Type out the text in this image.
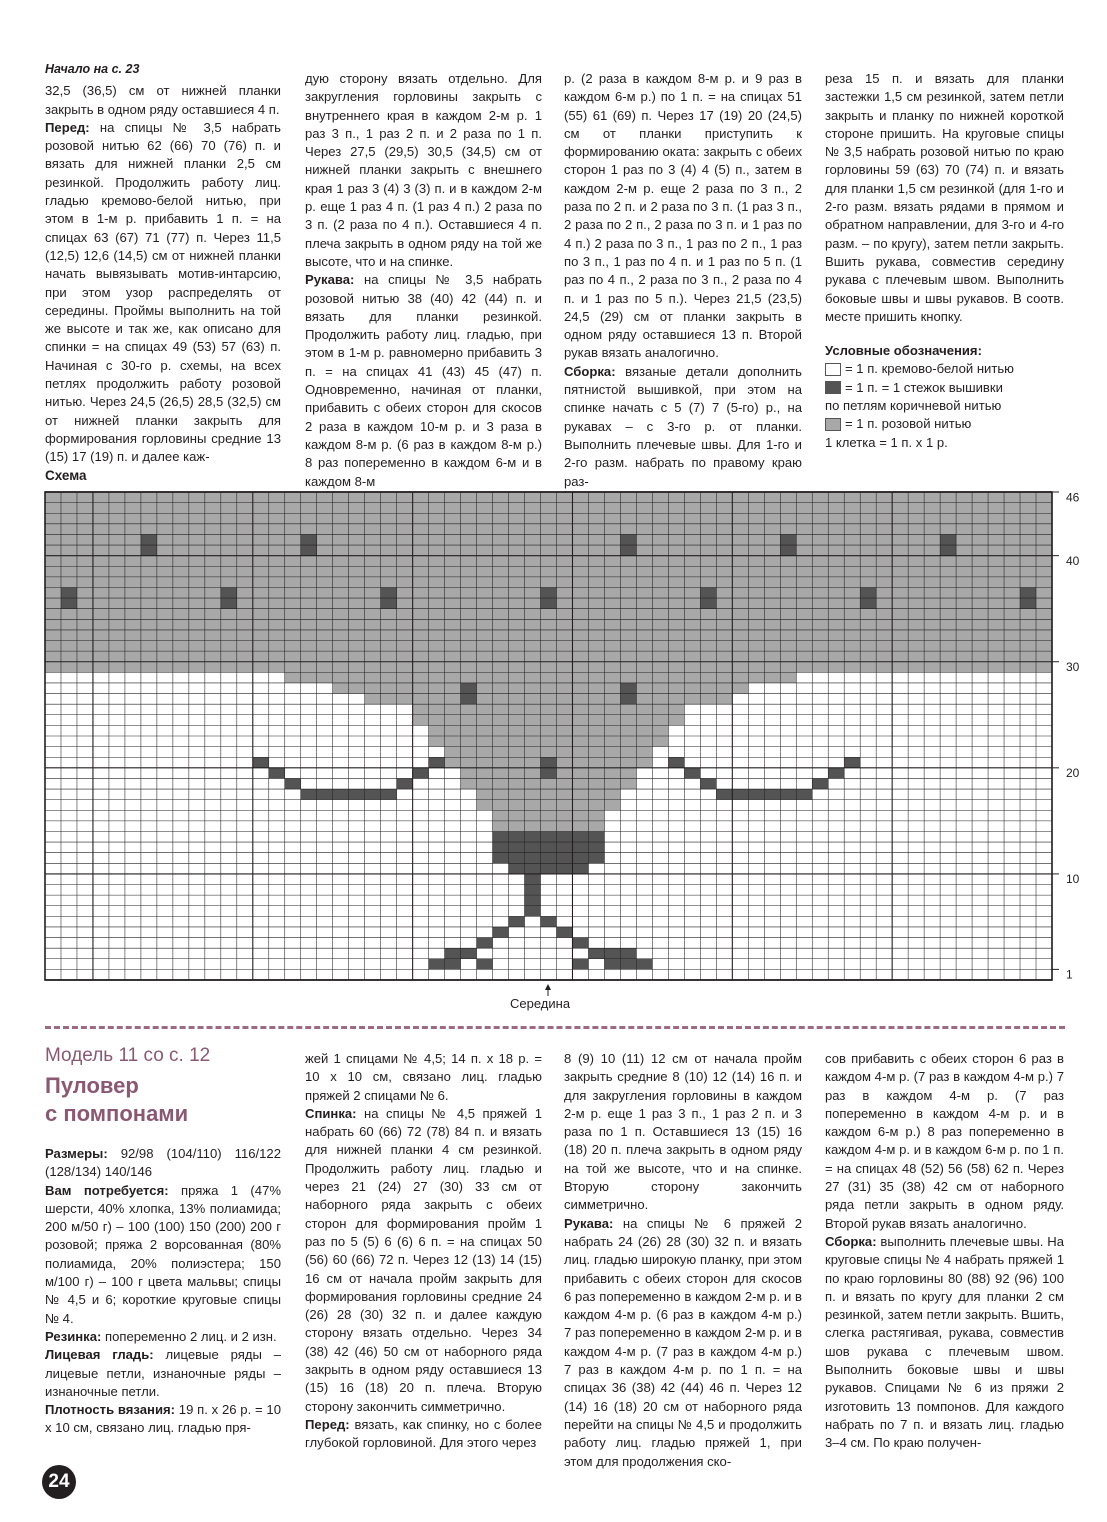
Начало на с. 23

32,5 (36,5) см от нижней планки закрыть в одном ряду оставшиеся 4 п.

Перед: на спицы № 3,5 набрать розовой нитью 62 (66) 70 (76) п. и вязать для нижней планки 2,5 см резинкой. Продолжить работу лиц. гладью кремово-белой нитью, при этом в 1-м р. прибавить 1 п. = на спицах 63 (67) 71 (77) п. Через 11,5 (12,5) 12,6 (14,5) см от нижней планки начать вывязывать мотив-интарсию, при этом узор распределять от середины. Проймы выполнить на той же высоте и так же, как описано для спинки = на спицах 49 (53) 57 (63) п. Начиная с 30-го р. схемы, на всех петлях продолжить работу розовой нитью. Через 24,5 (26,5) 28,5 (32,5) см от нижней планки закрыть для формирования горловины средние 13 (15) 17 (19) п. и далее каж-

дую сторону вязать отдельно. Для закругления горловины закрыть с внутреннего края в каждом 2-м р. 1 раз 3 п., 1 раз 2 п. и 2 раза по 1 п. Через 27,5 (29,5) 30,5 (34,5) см от нижней планки закрыть с внешнего края 1 раз 3 (4) 3 (3) п. и в каждом 2-м р. еще 1 раз 4 п. (1 раз 4 п.) 2 раза по 3 п. (2 раза по 4 п.). Оставшиеся 4 п. плеча закрыть в одном ряду на той же высоте, что и на спинке.

Рукава: на спицы № 3,5 набрать розовой нитью 38 (40) 42 (44) п. и вязать для планки резинкой. Продолжить работу лиц. гладью, при этом в 1-м р. равномерно прибавить 3 п. = на спицах 41 (43) 45 (47) п. Одновременно, начиная от планки, прибавить с обеих сторон для скосов 2 раза в каждом 10-м р. и 3 раза в каждом 8-м р. (6 раз в каждом 8-м р.) 8 раз попеременно в каждом 6-м и в каждом 8-м

р. (2 раза в каждом 8-м р. и 9 раз в каждом 6-м р.) по 1 п. = на спицах 51 (55) 61 (69) п. Через 17 (19) 20 (24,5) см от планки приступить к формированию оката: закрыть с обеих сторон 1 раз по 3 (4) 4 (5) п., затем в каждом 2-м р. еще 2 раза по 3 п., 2 раза по 2 п. и 2 раза по 3 п. (1 раз 3 п., 2 раза по 2 п., 2 раза по 3 п. и 1 раз по 4 п.) 2 раза по 3 п., 1 раз по 2 п., 1 раз по 3 п., 1 раз по 4 п. и 1 раз по 5 п. (1 раз по 4 п., 2 раза по 3 п., 2 раза по 4 п. и 1 раз по 5 п.). Через 21,5 (23,5) 24,5 (29) см от планки закрыть в одном ряду оставшиеся 13 п. Второй рукав вязать аналогично.

Сборка: вязаные детали дополнить пятнистой вышивкой, при этом на спинке начать с 5 (7) 7 (5-го) р., на рукавах – с 3-го р. от планки. Выполнить плечевые швы. Для 1-го и 2-го разм. набрать по правому краю раз-

реза 15 п. и вязать для планки застежки 1,5 см резинкой, затем петли закрыть и планку по нижней короткой стороне пришить. На круговые спицы № 3,5 набрать розовой нитью по краю горловины 59 (63) 70 (74) п. и вязать для планки 1,5 см резинкой (для 1-го и 2-го разм. вязать рядами в прямом и обратном направлении, для 3-го и 4-го разм. – по кругу), затем петли закрыть. Вшить рукава, совместив середину рукава с плечевым швом. Выполнить боковые швы и швы рукавов. В соотв. месте пришить кнопку.

Условные обозначения:
= 1 п. кремово-белой нитью
= 1 п. = 1 стежок вышивки
по петлям коричневой нитью
= 1 п. розовой нитью
1 клетка = 1 п. х 1 р.
Схема
46
40
30
20
10
1
Середина
Модель 11 со с. 12
Пуловер
с помпонами

Размеры: 92/98 (104/110) 116/122 (128/134) 140/146

Вам потребуется: пряжа 1 (47% шерсти, 40% хлопка, 13% полиамида; 200 м/50 г) – 100 (100) 150 (200) 200 г розовой; пряжа 2 ворсованная (80% полиамида, 20% полиэстера; 150 м/100 г) – 100 г цвета мальвы; спицы № 4,5 и 6; короткие круговые спицы № 4.

Резинка: попеременно 2 лиц. и 2 изн.

Лицевая гладь: лицевые ряды – лицевые петли, изнаночные ряды – изнаночные петли.

Плотность вязания: 19 п. х 26 р. = 10 х 10 см, связано лиц. гладью пря-

жей 1 спицами № 4,5; 14 п. х 18 р. = 10 х 10 см, связано лиц. гладью пряжей 2 спицами № 6.

Спинка: на спицы № 4,5 пряжей 1 набрать 60 (66) 72 (78) 84 п. и вязать для нижней планки 4 см резинкой. Продолжить работу лиц. гладью и через 21 (24) 27 (30) 33 см от наборного ряда закрыть с обеих сторон для формирования пройм 1 раз по 5 (5) 6 (6) 6 п. = на спицах 50 (56) 60 (66) 72 п. Через 12 (13) 14 (15) 16 см от начала пройм закрыть для формирования горловины средние 24 (26) 28 (30) 32 п. и далее каждую сторону вязать отдельно. Через 34 (38) 42 (46) 50 см от наборного ряда закрыть в одном ряду оставшиеся 13 (15) 16 (18) 20 п. плеча. Вторую сторону закончить симметрично.

Перед: вязать, как спинку, но с более глубокой горловиной. Для этого через

8 (9) 10 (11) 12 см от начала пройм закрыть средние 8 (10) 12 (14) 16 п. и для закругления горловины в каждом 2-м р. еще 1 раз 3 п., 1 раз 2 п. и 3 раза по 1 п. Оставшиеся 13 (15) 16 (18) 20 п. плеча закрыть в одном ряду на той же высоте, что и на спинке. Вторую сторону закончить симметрично.

Рукава: на спицы № 6 пряжей 2 набрать 24 (26) 28 (30) 32 п. и вязать лиц. гладью широкую планку, при этом прибавить с обеих сторон для скосов 6 раз попеременно в каждом 2-м р. и в каждом 4-м р. (6 раз в каждом 4-м р.) 7 раз попеременно в каждом 2-м р. и в каждом 4-м р. (7 раз в каждом 4-м р.) 7 раз в каждом 4-м р. по 1 п. = на спицах 36 (38) 42 (44) 46 п. Через 12 (14) 16 (18) 20 см от наборного ряда перейти на спицы № 4,5 и продолжить работу лиц. гладью пряжей 1, при этом для продолжения ско-

сов прибавить с обеих сторон 6 раз в каждом 4-м р. (7 раз в каждом 4-м р.) 7 раз в каждом 4-м р. (7 раз попеременно в каждом 4-м р. и в каждом 6-м р.) 8 раз попеременно в каждом 4-м р. и в каждом 6-м р. по 1 п. = на спицах 48 (52) 56 (58) 62 п. Через 27 (31) 35 (38) 42 см от наборного ряда петли закрыть в одном ряду. Второй рукав вязать аналогично.

Сборка: выполнить плечевые швы. На круговые спицы № 4 набрать пряжей 1 по краю горловины 80 (88) 92 (96) 100 п. и вязать по кругу для планки 2 см резинкой, затем петли закрыть. Вшить, слегка растягивая, рукава, совместив шов рукава с плечевым швом. Выполнить боковые швы и швы рукавов. Спицами № 6 из пряжи 2 изготовить 13 помпонов. Для каждого набрать по 7 п. и вязать лиц. гладью 3–4 см. По краю получен-

24
